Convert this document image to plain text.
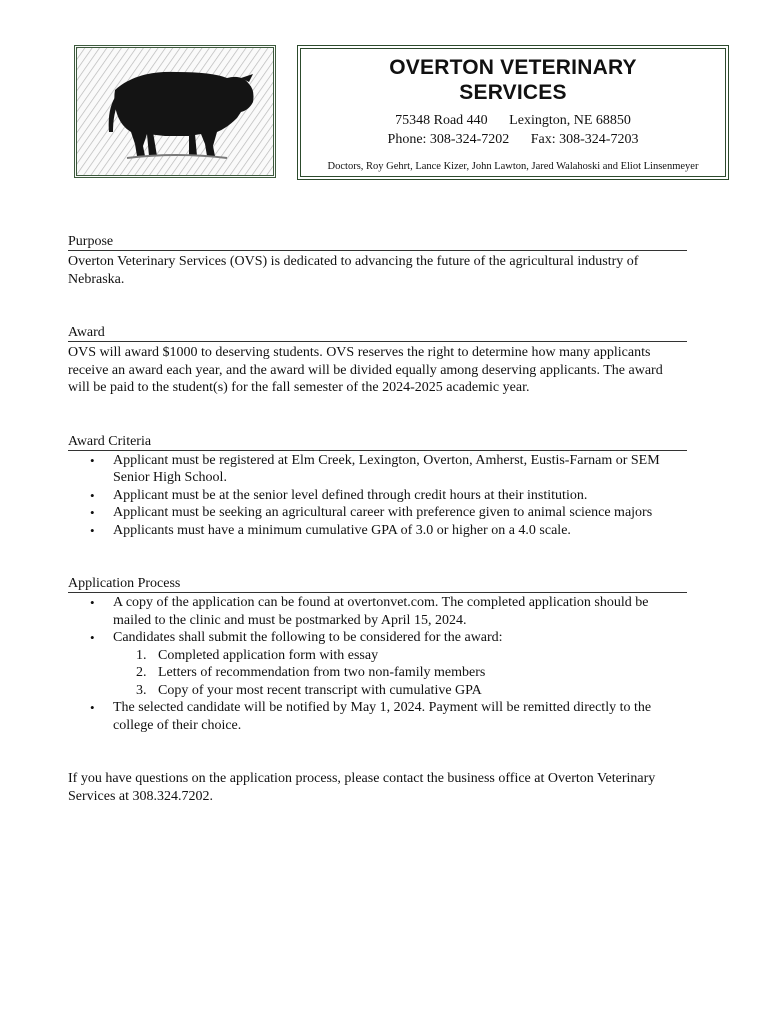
OVERTON VETERINARY
SERVICES
75348 Road 440 Lexington, NE 68850
Phone: 308-324-7202 Fax: 308-324-7203
Doctors, Roy Gehrt, Lance Kizer, John Lawton, Jared Walahoski and Eliot Linsenmeyer
Purpose

Overton Veterinary Services (OVS) is dedicated to advancing the future of the agricultural industry of Nebraska.

Award

OVS will award $1000 to deserving students. OVS reserves the right to determine how many applicants receive an award each year, and the award will be divided equally among deserving applicants. The award will be paid to the student(s) for the fall semester of the 2024-2025 academic year.

Award Criteria
• Applicant must be registered at Elm Creek, Lexington, Overton, Amherst, Eustis-Farnam or SEM Senior High School.
• Applicant must be at the senior level defined through credit hours at their institution.
• Applicant must be seeking an agricultural career with preference given to animal science majors
• Applicants must have a minimum cumulative GPA of 3.0 or higher on a 4.0 scale.
Application Process
• A copy of the application can be found at overtonvet.com. The completed application should be mailed to the clinic and must be postmarked by April 15, 2024.
• Candidates shall submit the following to be considered for the award:
1. Completed application form with essay
2. Letters of recommendation from two non-family members
3. Copy of your most recent transcript with cumulative GPA
• The selected candidate will be notified by May 1, 2024. Payment will be remitted directly to the college of their choice.

If you have questions on the application process, please contact the business office at Overton Veterinary Services at 308.324.7202.
